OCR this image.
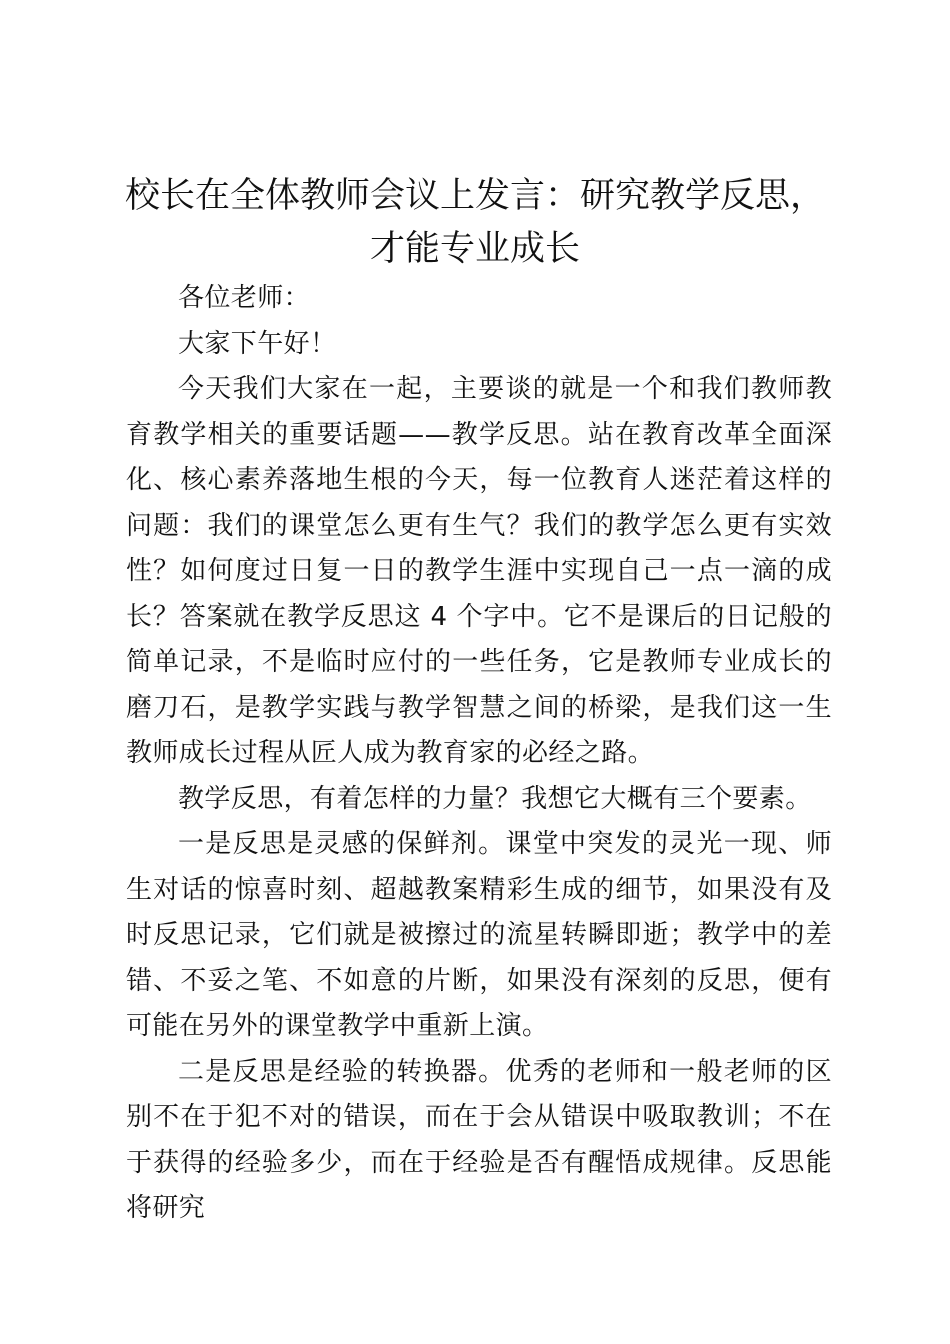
校长在全体教师会议上发言：研究教学反思，才能专业成长

各位老师：

大家下午好！

今天我们大家在一起，主要谈的就是一个和我们教师教育教学相关的重要话题——教学反思。站在教育改革全面深化、核心素养落地生根的今天，每一位教育人迷茫着这样的问题：我们的课堂怎么更有生气？我们的教学怎么更有实效性？如何度过日复一日的教学生涯中实现自己一点一滴的成长？答案就在教学反思这 4 个字中。它不是课后的日记般的简单记录，不是临时应付的一些任务，它是教师专业成长的磨刀石，是教学实践与教学智慧之间的桥梁，是我们这一生教师成长过程从匠人成为教育家的必经之路。

教学反思，有着怎样的力量？我想它大概有三个要素。

一是反思是灵感的保鲜剂。课堂中突发的灵光一现、师生对话的惊喜时刻、超越教案精彩生成的细节，如果没有及时反思记录，它们就是被擦过的流星转瞬即逝；教学中的差错、不妥之笔、不如意的片断，如果没有深刻的反思，便有可能在另外的课堂教学中重新上演。

二是反思是经验的转换器。优秀的老师和一般老师的区别不在于犯不对的错误，而在于会从错误中吸取教训；不在于获得的经验多少，而在于经验是否有醒悟成规律。反思能将研究
